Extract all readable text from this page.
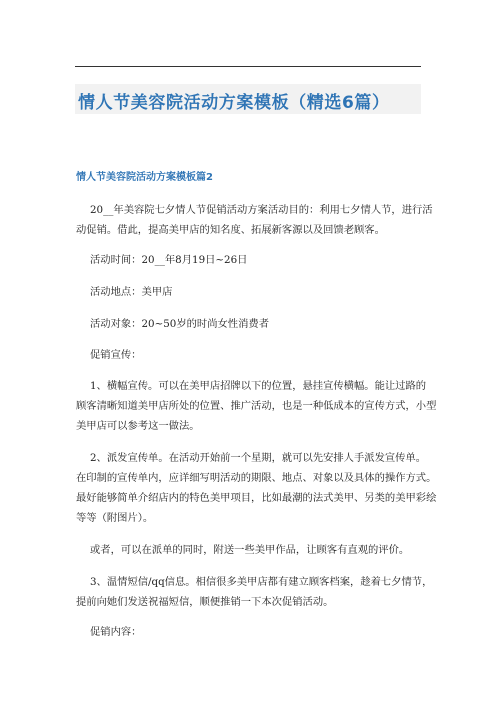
情人节美容院活动方案模板（精选6篇）
情人节美容院活动方案模板篇2
20__年美容院七夕情人节促销活动方案活动目的：利用七夕情人节，进行活
动促销。借此，提高美甲店的知名度、拓展新客源以及回馈老顾客。
活动时间：20__年8月19日~26日
活动地点：美甲店
活动对象：20~50岁的时尚女性消费者
促销宣传：
1、横幅宣传。可以在美甲店招牌以下的位置，悬挂宣传横幅。能让过路的
顾客清晰知道美甲店所处的位置、推广活动，也是一种低成本的宣传方式，小型
美甲店可以参考这一做法。
2、派发宣传单。在活动开始前一个星期，就可以先安排人手派发宣传单。
在印制的宣传单内，应详细写明活动的期限、地点、对象以及具体的操作方式。
最好能够简单介绍店内的特色美甲项目，比如最潮的法式美甲、另类的美甲彩绘
等等（附图片）。
或者，可以在派单的同时，附送一些美甲作品，让顾客有直观的评价。
3、温情短信/qq信息。相信很多美甲店都有建立顾客档案，趁着七夕情节，
提前向她们发送祝福短信，顺便推销一下本次促销活动。
促销内容：
